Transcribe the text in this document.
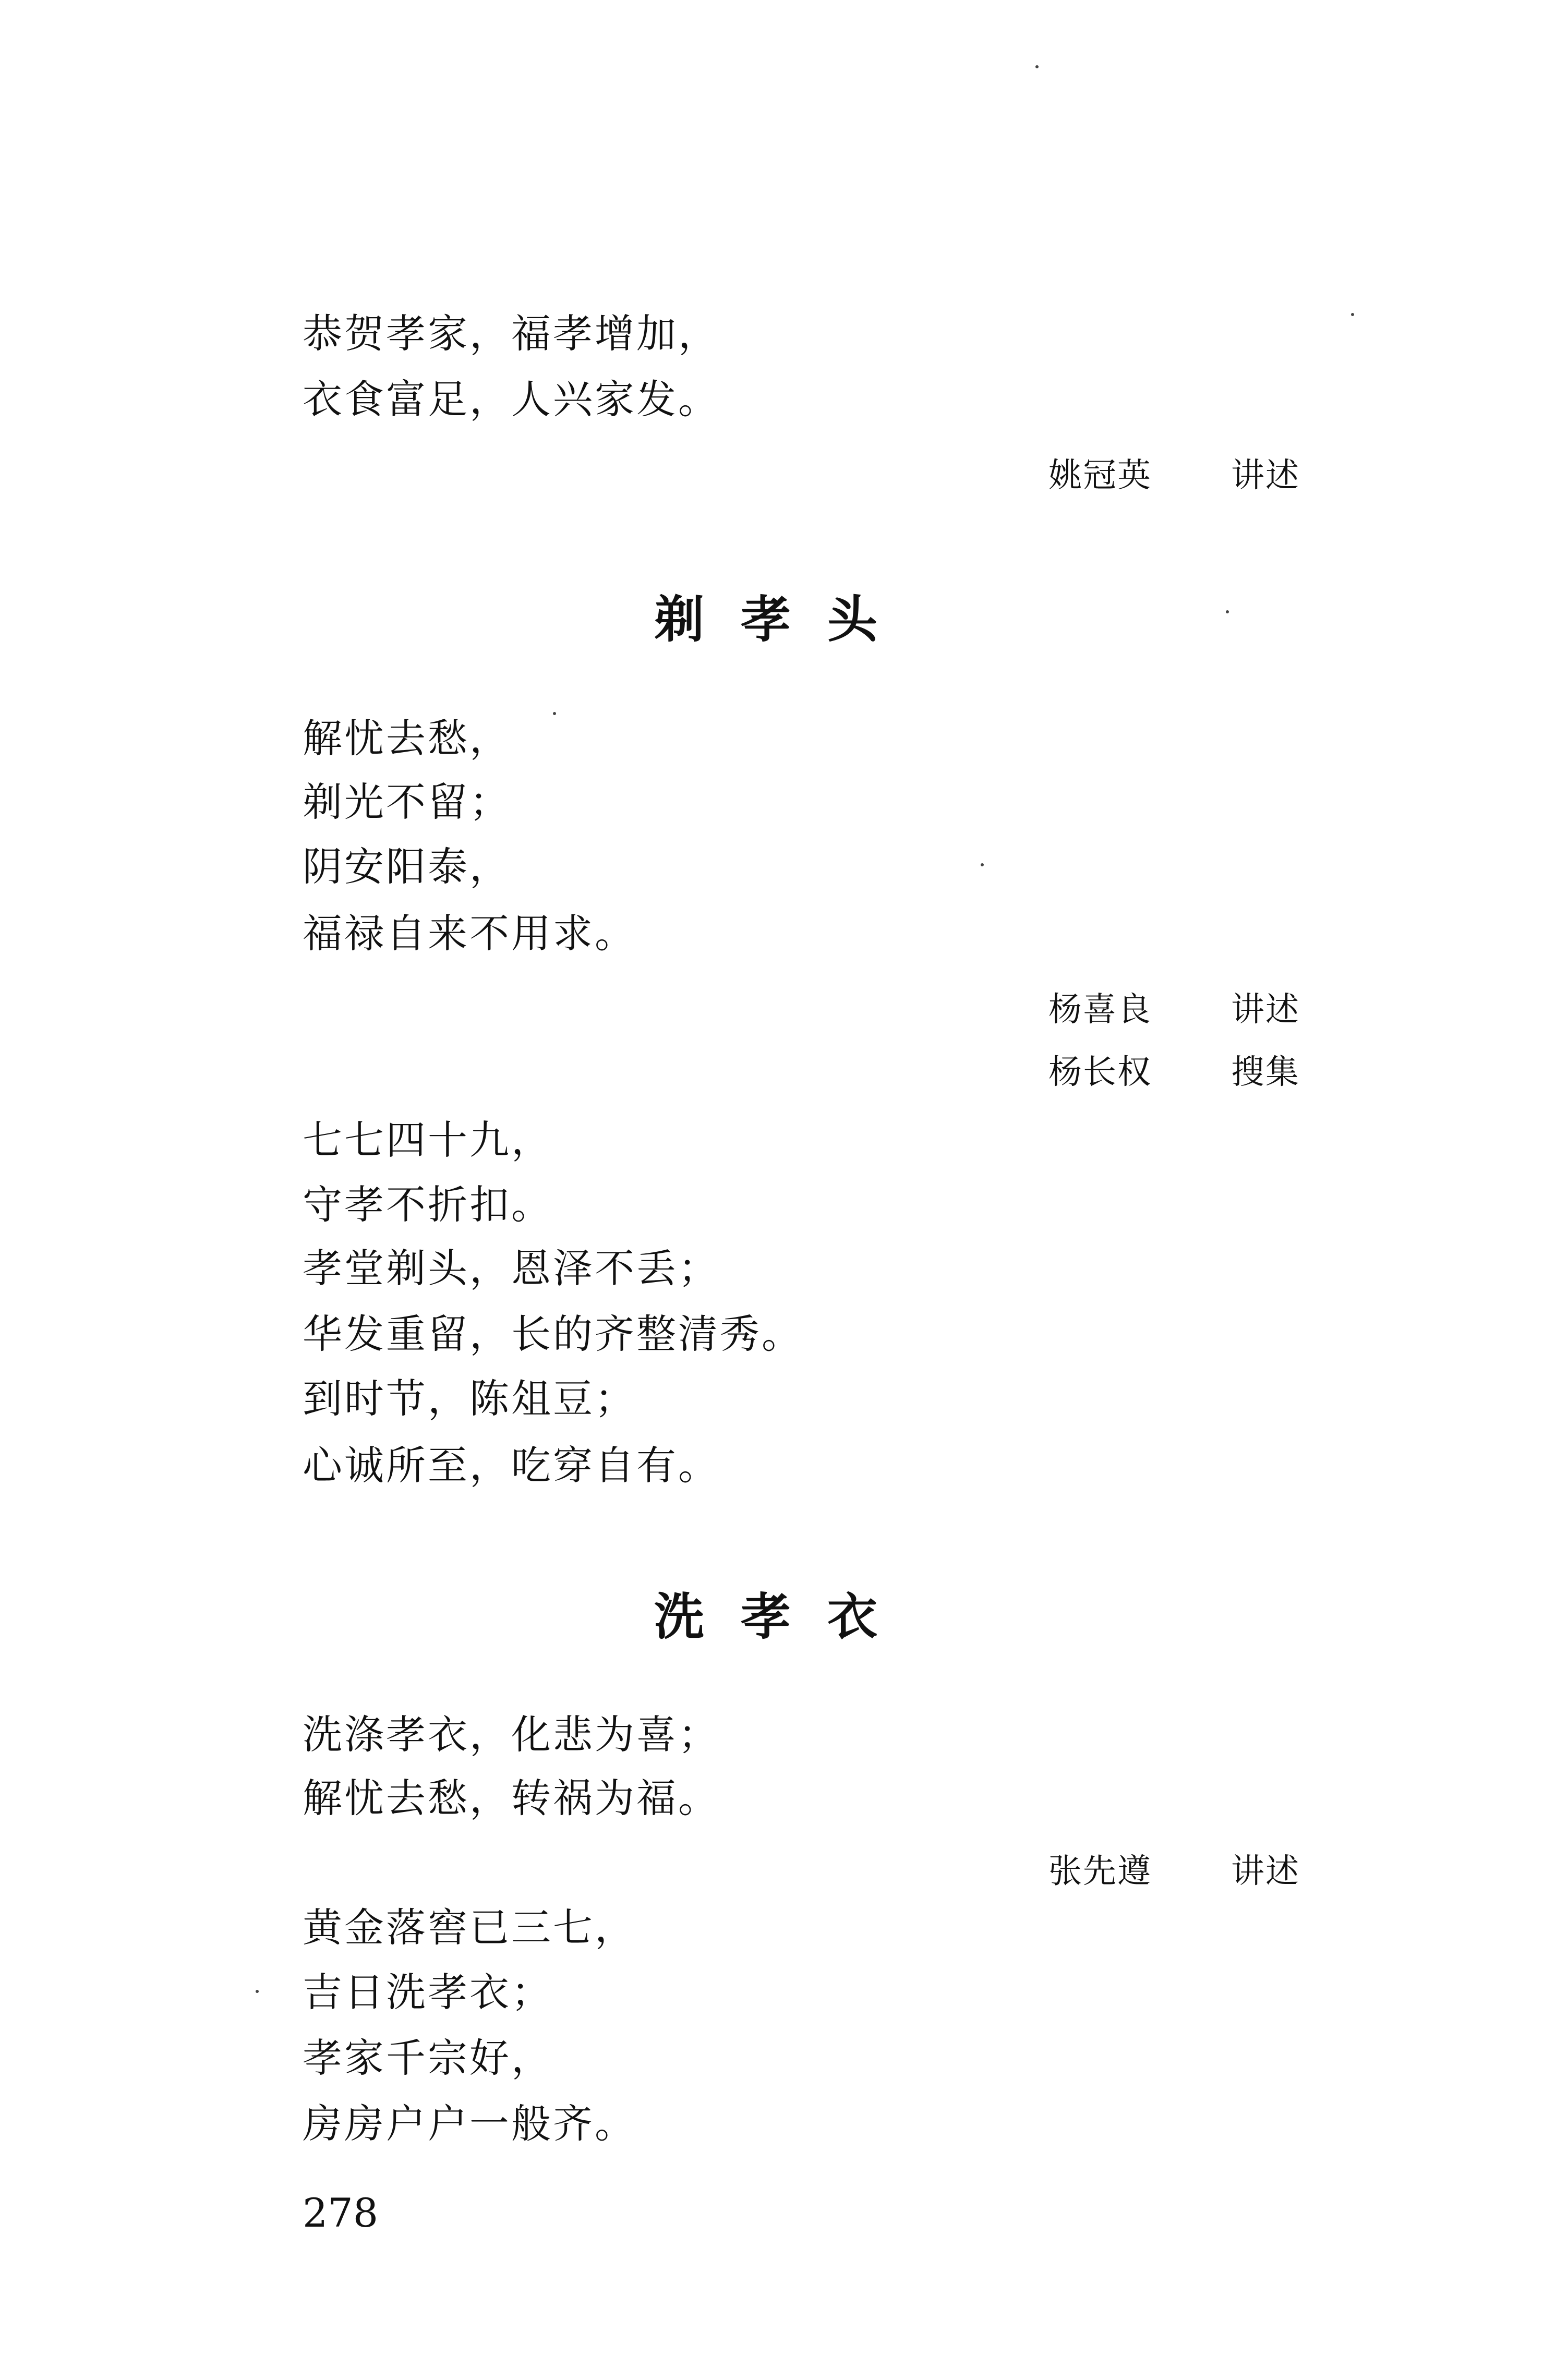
恭贺孝家，福孝增加，
衣食富足，人兴家发。
姚冠英 讲述
剃孝头
解忧去愁，
剃光不留；
阴安阳泰，
福禄自来不用求。
杨喜良 讲述
杨长权 搜集
七七四十九，
守孝不折扣。
孝堂剃头，恩泽不丢；
华发重留，长的齐整清秀。
到时节，陈俎豆；
心诚所至，吃穿自有。
洗孝衣
洗涤孝衣，化悲为喜；
解忧去愁，转祸为福。
张先遵 讲述
黄金落窖已三七，
吉日洗孝衣；
孝家千宗好，
房房户户一般齐。
278
